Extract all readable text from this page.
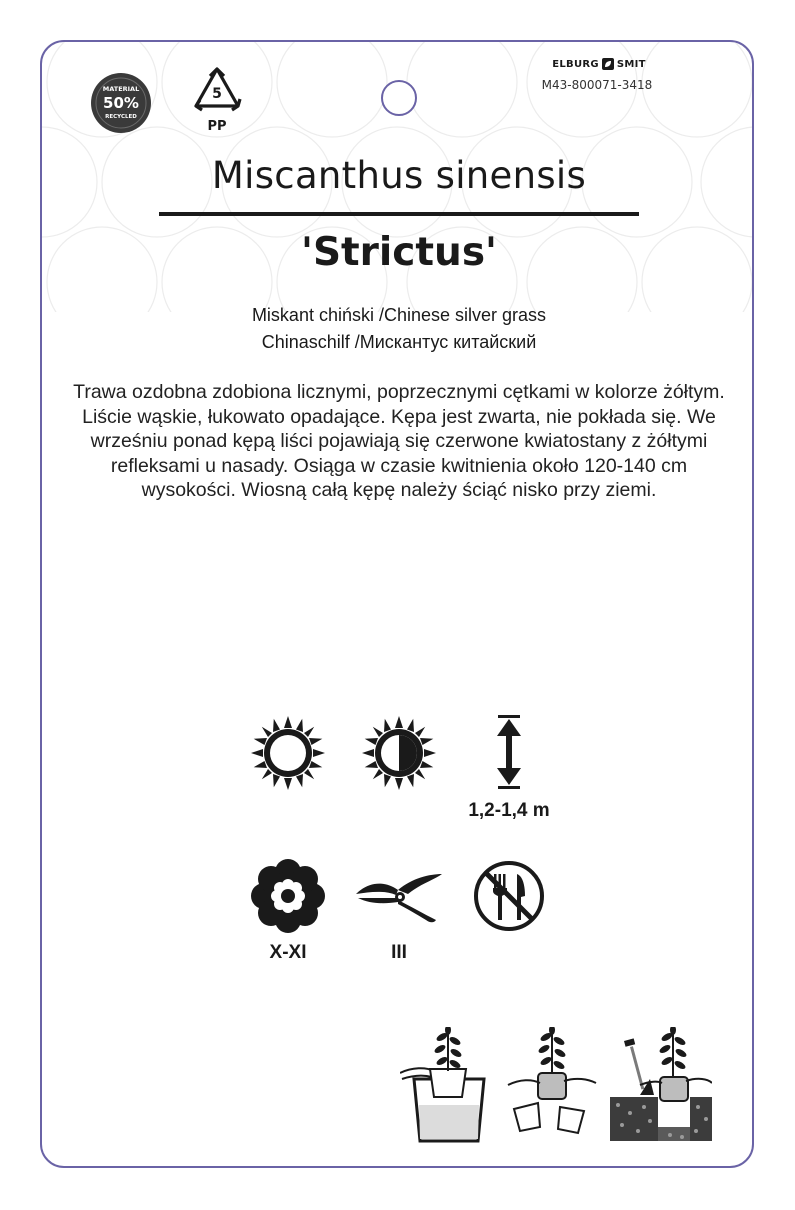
MATERIAL
50%
RECYCLED
5
PP
ELBURG SMIT
M43-800071-3418
Miscanthus sinensis
'Strictus'
Miskant chiński /Chinese silver grass
Chinaschilf /Мискантус китайский
Trawa ozdobna zdobiona licznymi, poprzecznymi cętkami w kolorze żółtym. Liście wąskie, łukowato opadające. Kępa jest zwarta, nie pokłada się. We wrześniu ponad kępą liści pojawiają się czerwone kwiatostany z żółtymi refleksami u nasady. Osiąga w czasie kwitnienia około 120-140 cm wysokości. Wiosną całą kępę należy ściąć nisko przy ziemi.
1,2-1,4 m
X-XI	III
